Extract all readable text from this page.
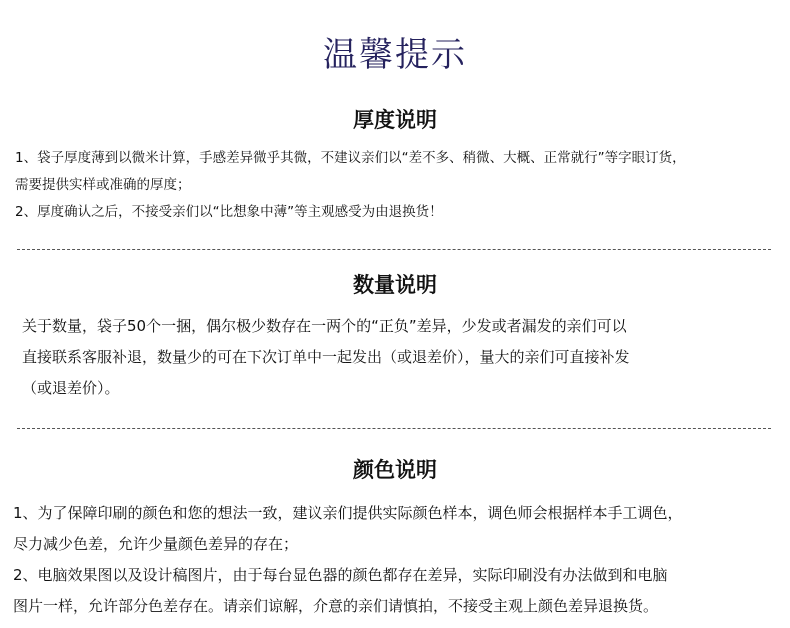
温馨提示
厚度说明
1、袋子厚度薄到以微米计算，手感差异微乎其微，不建议亲们以“差不多、稍微、大概、正常就行”等字眼订货，
需要提供实样或准确的厚度；
2、厚度确认之后，不接受亲们以“比想象中薄”等主观感受为由退换货！
数量说明
关于数量，袋子50个一捆，偶尔极少数存在一两个的“正负”差异，少发或者漏发的亲们可以
直接联系客服补退，数量少的可在下次订单中一起发出（或退差价），量大的亲们可直接补发
（或退差价）。
颜色说明
1、为了保障印刷的颜色和您的想法一致，建议亲们提供实际颜色样本，调色师会根据样本手工调色，
尽力减少色差，允许少量颜色差异的存在；
2、电脑效果图以及设计稿图片，由于每台显色器的颜色都存在差异，实际印刷没有办法做到和电脑
图片一样，允许部分色差存在。请亲们谅解，介意的亲们请慎拍，不接受主观上颜色差异退换货。
